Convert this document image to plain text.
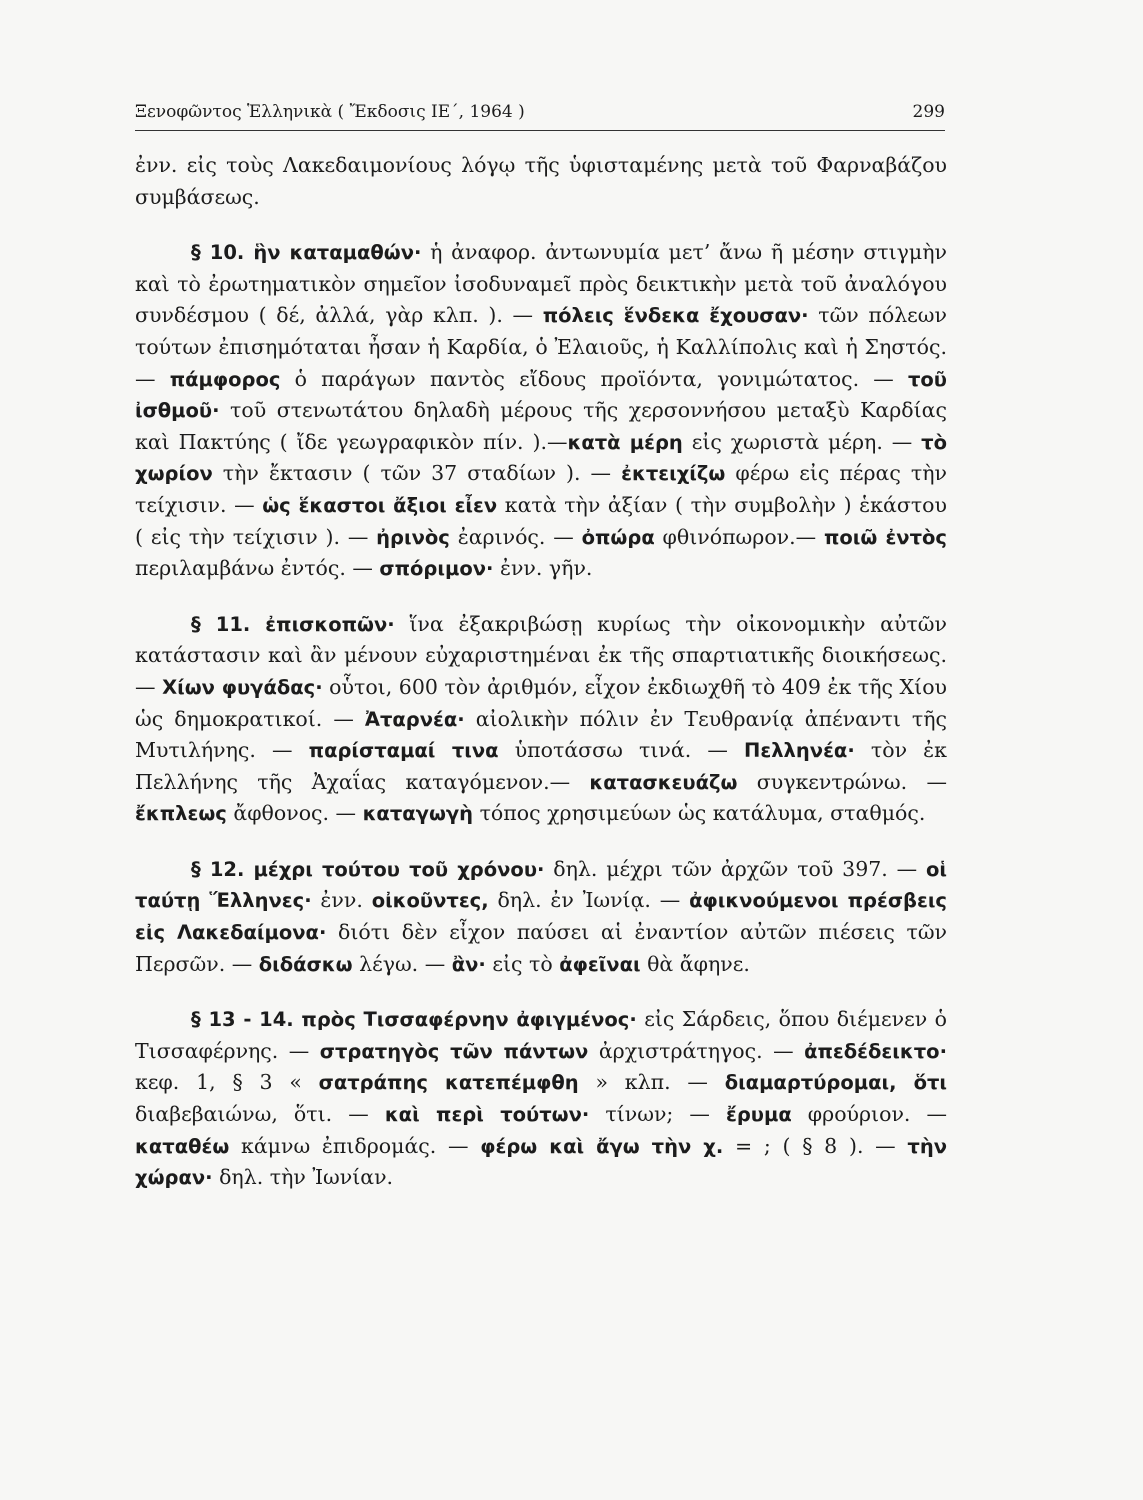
Ξενοφῶντος Ἑλληνικὰ ( Ἔκδοσις ΙΕ΄, 1964 )	299

ἐνν. εἰς τοὺς Λακεδαιμονίους λόγῳ τῆς ὑφισταμένης μετὰ τοῦ Φαρναβάζου συμβάσεως.

§ 10. ἣν καταμαθών· ἡ ἀναφορ. ἀντωνυμία μετ’ ἄνω ῆ μέσην στιγμὴν καὶ τὸ ἐρωτηματικὸν σημεῖον ἰσοδυναμεῖ πρὸς δεικτικὴν μετὰ τοῦ ἀναλόγου συνδέσμου ( δέ, ἀλλά, γὰρ κλπ. ). — πόλεις ἕνδεκα ἔχουσαν· τῶν πόλεων τούτων ἐπισημόταται ἦσαν ἡ Καρδία, ὁ Ἐλαιοῦς, ἡ Καλλίπολις καὶ ἡ Σηστός. — πάμφορος ὁ παράγων παντὸς εἴδους προϊόντα, γονιμώτατος. — τοῦ ἰσθμοῦ· τοῦ στενωτάτου δηλαδὴ μέρους τῆς χερσοννήσου μεταξὺ Καρδίας καὶ Πακτύης ( ἴδε γεωγραφικὸν πίν. ).—κατὰ μέρη εἰς χωριστὰ μέρη. — τὸ χωρίον τὴν ἔκτασιν ( τῶν 37 σταδίων ). — ἐκτειχίζω φέρω εἰς πέρας τὴν τείχισιν. — ὡς ἕκαστοι ἄξιοι εἶεν κατὰ τὴν ἀξίαν ( τὴν συμβολὴν ) ἑκάστου ( εἰς τὴν τείχισιν ). — ἠρινὸς ἐαρινός. — ὀπώρα φθινόπωρον.— ποιῶ ἐντὸς περιλαμβάνω ἐντός. — σπόριμον· ἐνν. γῆν.

§ 11. ἐπισκοπῶν· ἵνα ἐξακριβώσῃ κυρίως τὴν οἰκονομικὴν αὐτῶν κατάστασιν καὶ ἂν μένουν εὐχαριστημέναι ἐκ τῆς σπαρτιατικῆς διοικήσεως. — Χίων φυγάδας· οὗτοι, 600 τὸν ἀριθμόν, εἶχον ἐκδιωχθῆ τὸ 409 ἐκ τῆς Χίου ὡς δημοκρατικοί. — Ἀταρνέα· αἰολικὴν πόλιν ἐν Τευθρανίᾳ ἀπέναντι τῆς Μυτιλήνης. — παρίσταμαί τινα ὑποτάσσω τινά. — Πελληνέα· τὸν ἐκ Πελλήνης τῆς Ἀχαΐας καταγόμενον.— κατασκευάζω συγκεντρώνω. — ἔκπλεως ἄφθονος. — καταγωγὴ τόπος χρησιμεύων ὡς κατάλυμα, σταθμός.

§ 12. μέχρι τούτου τοῦ χρόνου· δηλ. μέχρι τῶν ἀρχῶν τοῦ 397. — οἱ ταύτῃ Ἕλληνες· ἐνν. οἰκοῦντες, δηλ. ἐν Ἰωνίᾳ. — ἀφικνούμενοι πρέσβεις εἰς Λακεδαίμονα· διότι δὲν εἶχον παύσει αἱ ἐναντίον αὐτῶν πιέσεις τῶν Περσῶν. — διδάσκω λέγω. — ἂν· εἰς τὸ ἀφεῖναι θὰ ἄφηνε.

§ 13 - 14. πρὸς Τισσαφέρνην ἀφιγμένος· εἰς Σάρδεις, ὅπου διέμενεν ὁ Τισσαφέρνης. — στρατηγὸς τῶν πάντων ἀρχιστράτηγος. — ἀπεδέδεικτο· κεφ. 1, § 3 « σατράπης κατεπέμφθη » κλπ. — διαμαρτύρομαι, ὅτι διαβεβαιώνω, ὅτι. — καὶ περὶ τούτων· τίνων; — ἔρυμα φρούριον. — καταθέω κάμνω ἐπιδρομάς. — φέρω καὶ ἄγω τὴν χ. = ; ( § 8 ). — τὴν χώραν· δηλ. τὴν Ἰωνίαν.
